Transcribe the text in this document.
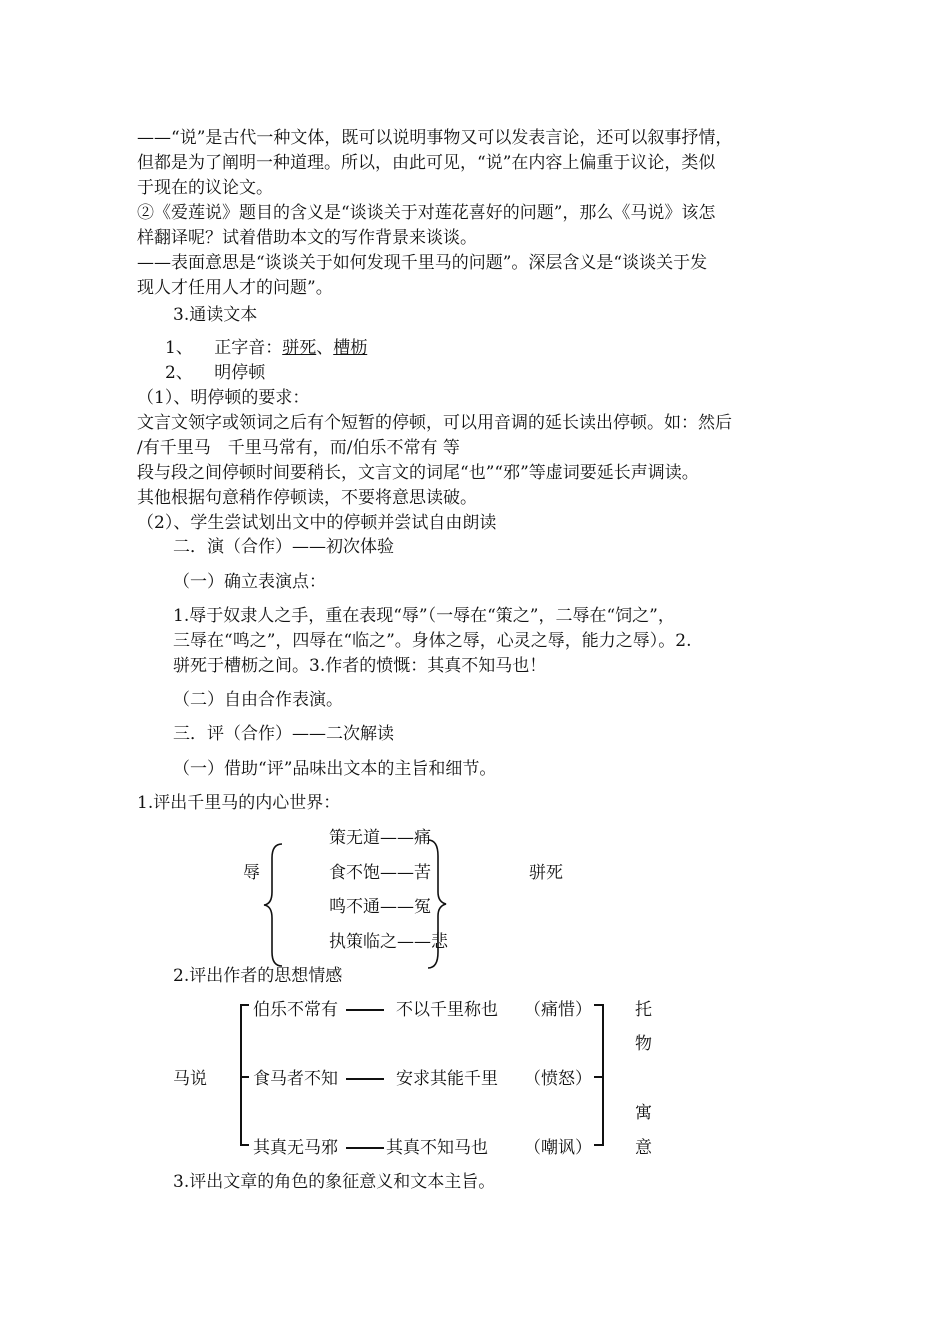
——“说”是古代一种文体，既可以说明事物又可以发表言论，还可以叙事抒情，
但都是为了阐明一种道理。所以，由此可见，“说”在内容上偏重于议论，类似
于现在的议论文。
②《爱莲说》题目的含义是“谈谈关于对莲花喜好的问题”，那么《马说》该怎
样翻译呢？试着借助本文的写作背景来谈谈。
——表面意思是“谈谈关于如何发现千里马的问题”。深层含义是“谈谈关于发
现人才任用人才的问题”。
3.通读文本
1、 正字音：骈死、槽枥
2、 明停顿
（1）、明停顿的要求：
文言文领字或领词之后有个短暂的停顿，可以用音调的延长读出停顿。如：然后
/有千里马　千里马常有，而/伯乐不常有 等
段与段之间停顿时间要稍长，文言文的词尾“也”“邪”等虚词要延长声调读。
其他根据句意稍作停顿读，不要将意思读破。
（2）、学生尝试划出文中的停顿并尝试自由朗读
二．演（合作）——初次体验
（一）确立表演点：
1.辱于奴隶人之手，重在表现“辱”（一辱在“策之”，二辱在“饲之”，
三辱在“鸣之”，四辱在“临之”。身体之辱，心灵之辱，能力之辱）。2.
骈死于槽枥之间。3.作者的愤慨：其真不知马也！
（二）自由合作表演。
三．评（合作）——二次解读
（一）借助“评”品味出文本的主旨和细节。
1.评出千里马的内心世界：
辱
策无道——痛
食不饱——苦
鸣不通——冤
执策临之——悲
骈死
2.评出作者的思想情感
马说
伯乐不常有	不以千里称也 （痛惜）
食马者不知	安求其能千里 （愤怒）
其真无马邪	其真不知马也 （嘲讽）
托
物
寓
意
3.评出文章的角色的象征意义和文本主旨。
